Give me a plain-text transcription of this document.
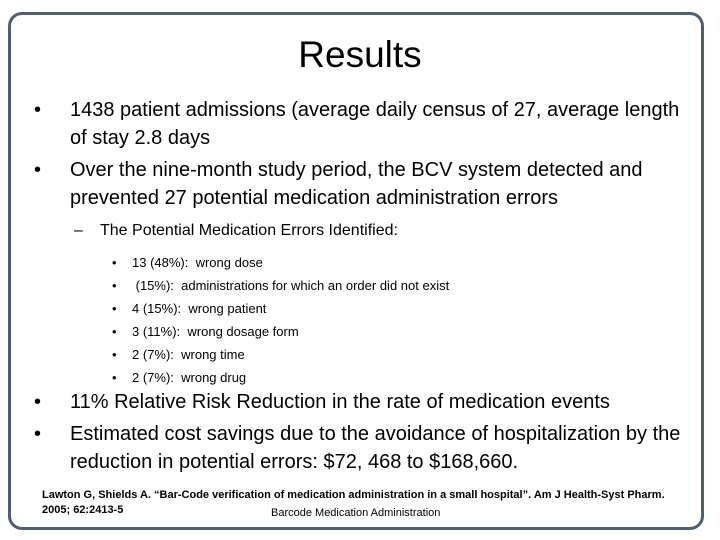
Results
•	1438 patient admissions (average daily census of 27, average length of stay 2.8 days
•	Over the nine-month study period, the BCV system detected and prevented 27 potential medication administration errors
– The Potential Medication Errors Identified:
• 13 (48%):  wrong dose
• (15%):  administrations for which an order did not exist
• 4 (15%):  wrong patient
• 3 (11%):  wrong dosage form
• 2 (7%):  wrong time
• 2 (7%):  wrong drug
•	11% Relative Risk Reduction in the rate of medication events
•	Estimated cost savings due to the avoidance of hospitalization by the reduction in potential errors: $72, 468 to $168,660.
Lawton G, Shields A. “Bar-Code verification of medication administration in a small hospital”. Am J Health-Syst Pharm. 2005; 62:2413-5	Barcode Medication Administration
